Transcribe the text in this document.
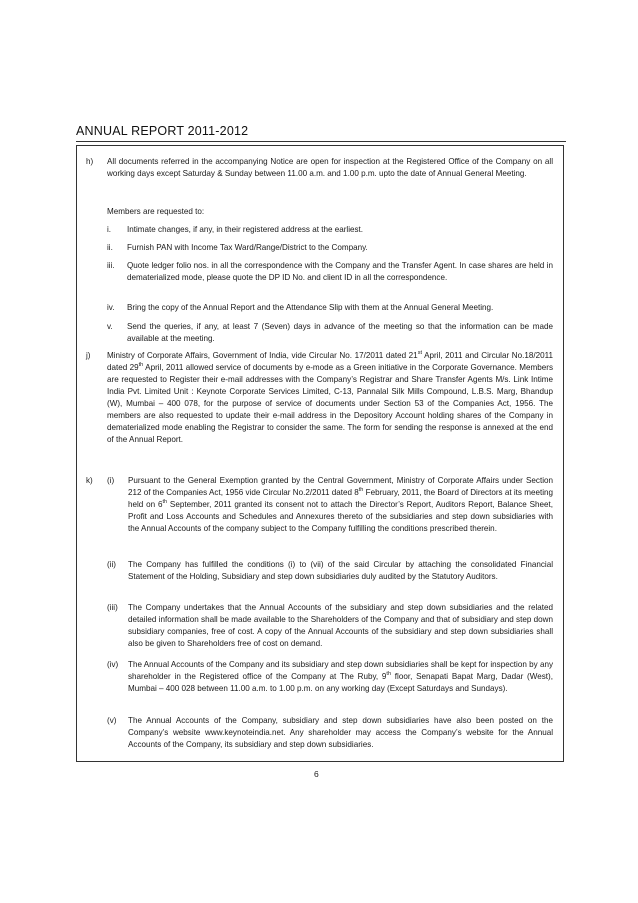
ANNUAL REPORT 2011-2012
h) All documents referred in the accompanying Notice are open for inspection at the Registered Office of the Company on all working days except Saturday & Sunday between 11.00 a.m. and 1.00 p.m. upto the date of Annual General Meeting.
Members are requested to:
i. Intimate changes, if any, in their registered address at the earliest.
ii. Furnish PAN with Income Tax Ward/Range/District to the Company.
iii. Quote ledger folio nos. in all the correspondence with the Company and the Transfer Agent. In case shares are held in dematerialized mode, please quote the DP ID No. and client ID in all the correspondence.
iv. Bring the copy of the Annual Report and the Attendance Slip with them at the Annual General Meeting.
v. Send the queries, if any, at least 7 (Seven) days in advance of the meeting so that the information can be made available at the meeting.
j) Ministry of Corporate Affairs, Government of India, vide Circular No. 17/2011 dated 21st April, 2011 and Circular No.18/2011 dated 29th April, 2011 allowed service of documents by e-mode as a Green initiative in the Corporate Governance. Members are requested to Register their e-mail addresses with the Company’s Registrar and Share Transfer Agents M/s. Link Intime India Pvt. Limited Unit : Keynote Corporate Services Limited, C-13, Pannalal Silk Mills Compound, L.B.S. Marg, Bhandup (W), Mumbai – 400 078, for the purpose of service of documents under Section 53 of the Companies Act, 1956. The members are also requested to update their e-mail address in the Depository Account holding shares of the Company in dematerialized mode enabling the Registrar to consider the same. The form for sending the response is annexed at the end of the Annual Report.
k)	(i) Pursuant to the General Exemption granted by the Central Government, Ministry of Corporate Affairs under Section 212 of the Companies Act, 1956 vide Circular No.2/2011 dated 8th February, 2011, the Board of Directors at its meeting held on 6th September, 2011 granted its consent not to attach the Director’s Report, Auditors Report, Balance Sheet, Profit and Loss Accounts and Schedules and Annexures thereto of the subsidiaries and step down subsidiaries with the Annual Accounts of the company subject to the Company fulfilling the conditions prescribed therein.
(ii) The Company has fulfilled the conditions (i) to (vii) of the said Circular by attaching the consolidated Financial Statement of the Holding, Subsidiary and step down subsidiaries duly audited by the Statutory Auditors.
(iii) The Company undertakes that the Annual Accounts of the subsidiary and step down subsidiaries and the related detailed information shall be made available to the Shareholders of the Company and that of subsidiary and step down subsidiary companies, free of cost. A copy of the Annual Accounts of the subsidiary and step down subsidiaries shall also be given to Shareholders free of cost on demand.
(iv) The Annual Accounts of the Company and its subsidiary and step down subsidiaries shall be kept for inspection by any shareholder in the Registered office of the Company at The Ruby, 9th floor, Senapati Bapat Marg, Dadar (West), Mumbai – 400 028 between 11.00 a.m. to 1.00 p.m. on any working day (Except Saturdays and Sundays).
(v) The Annual Accounts of the Company, subsidiary and step down subsidiaries have also been posted on the Company’s website www.keynoteindia.net. Any shareholder may access the Company’s website for the Annual Accounts of the Company, its subsidiary and step down subsidiaries.
6
